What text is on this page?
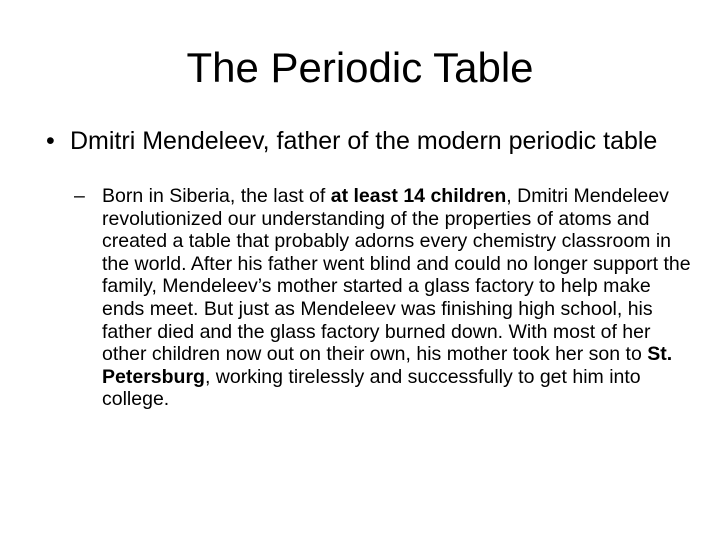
The Periodic Table
• Dmitri Mendeleev, father of the modern periodic table
– Born in Siberia, the last of at least 14 children, Dmitri Mendeleev revolutionized our understanding of the properties of atoms and created a table that probably adorns every chemistry classroom in the world. After his father went blind and could no longer support the family, Mendeleev’s mother started a glass factory to help make ends meet. But just as Mendeleev was finishing high school, his father died and the glass factory burned down. With most of her other children now out on their own, his mother took her son to St. Petersburg, working tirelessly and successfully to get him into college.
